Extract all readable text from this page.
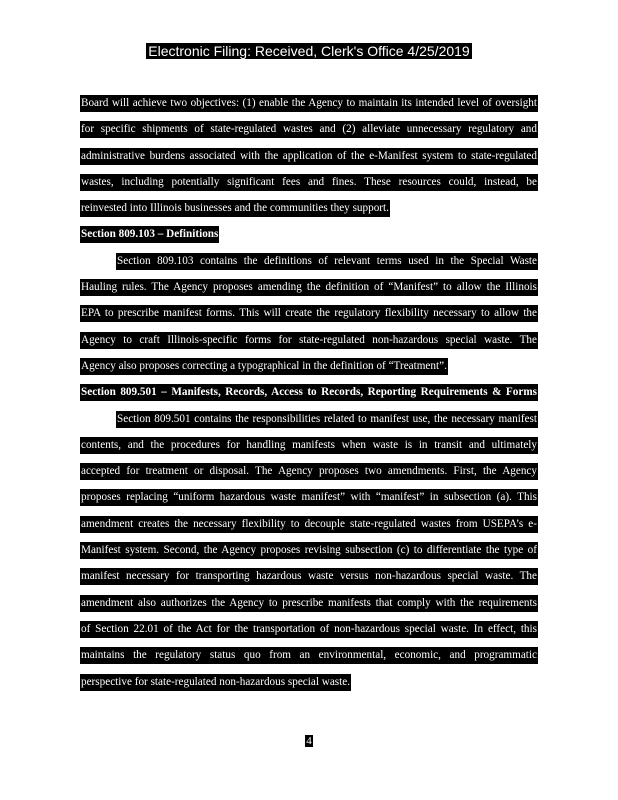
Electronic Filing: Received, Clerk's Office 4/25/2019
Board will achieve two objectives: (1) enable the Agency to maintain its intended level of oversight
for specific shipments of state-regulated wastes and (2) alleviate unnecessary regulatory and
administrative burdens associated with the application of the e-Manifest system to state-regulated
wastes, including potentially significant fees and fines. These resources could, instead, be
reinvested into Illinois businesses and the communities they support.
Section 809.103 – Definitions
Section 809.103 contains the definitions of relevant terms used in the Special Waste
Hauling rules. The Agency proposes amending the definition of “Manifest” to allow the Illinois
EPA to prescribe manifest forms. This will create the regulatory flexibility necessary to allow the
Agency to craft Illinois-specific forms for state-regulated non-hazardous special waste. The
Agency also proposes correcting a typographical in the definition of “Treatment”.
Section 809.501 – Manifests, Records, Access to Records, Reporting Requirements & Forms
Section 809.501 contains the responsibilities related to manifest use, the necessary manifest
contents, and the procedures for handling manifests when waste is in transit and ultimately
accepted for treatment or disposal. The Agency proposes two amendments. First, the Agency
proposes replacing “uniform hazardous waste manifest” with “manifest” in subsection (a). This
amendment creates the necessary flexibility to decouple state-regulated wastes from USEPA’s e-
Manifest system. Second, the Agency proposes revising subsection (c) to differentiate the type of
manifest necessary for transporting hazardous waste versus non-hazardous special waste. The
amendment also authorizes the Agency to prescribe manifests that comply with the requirements
of Section 22.01 of the Act for the transportation of non-hazardous special waste. In effect, this
maintains the regulatory status quo from an environmental, economic, and programmatic
perspective for state-regulated non-hazardous special waste.
4
